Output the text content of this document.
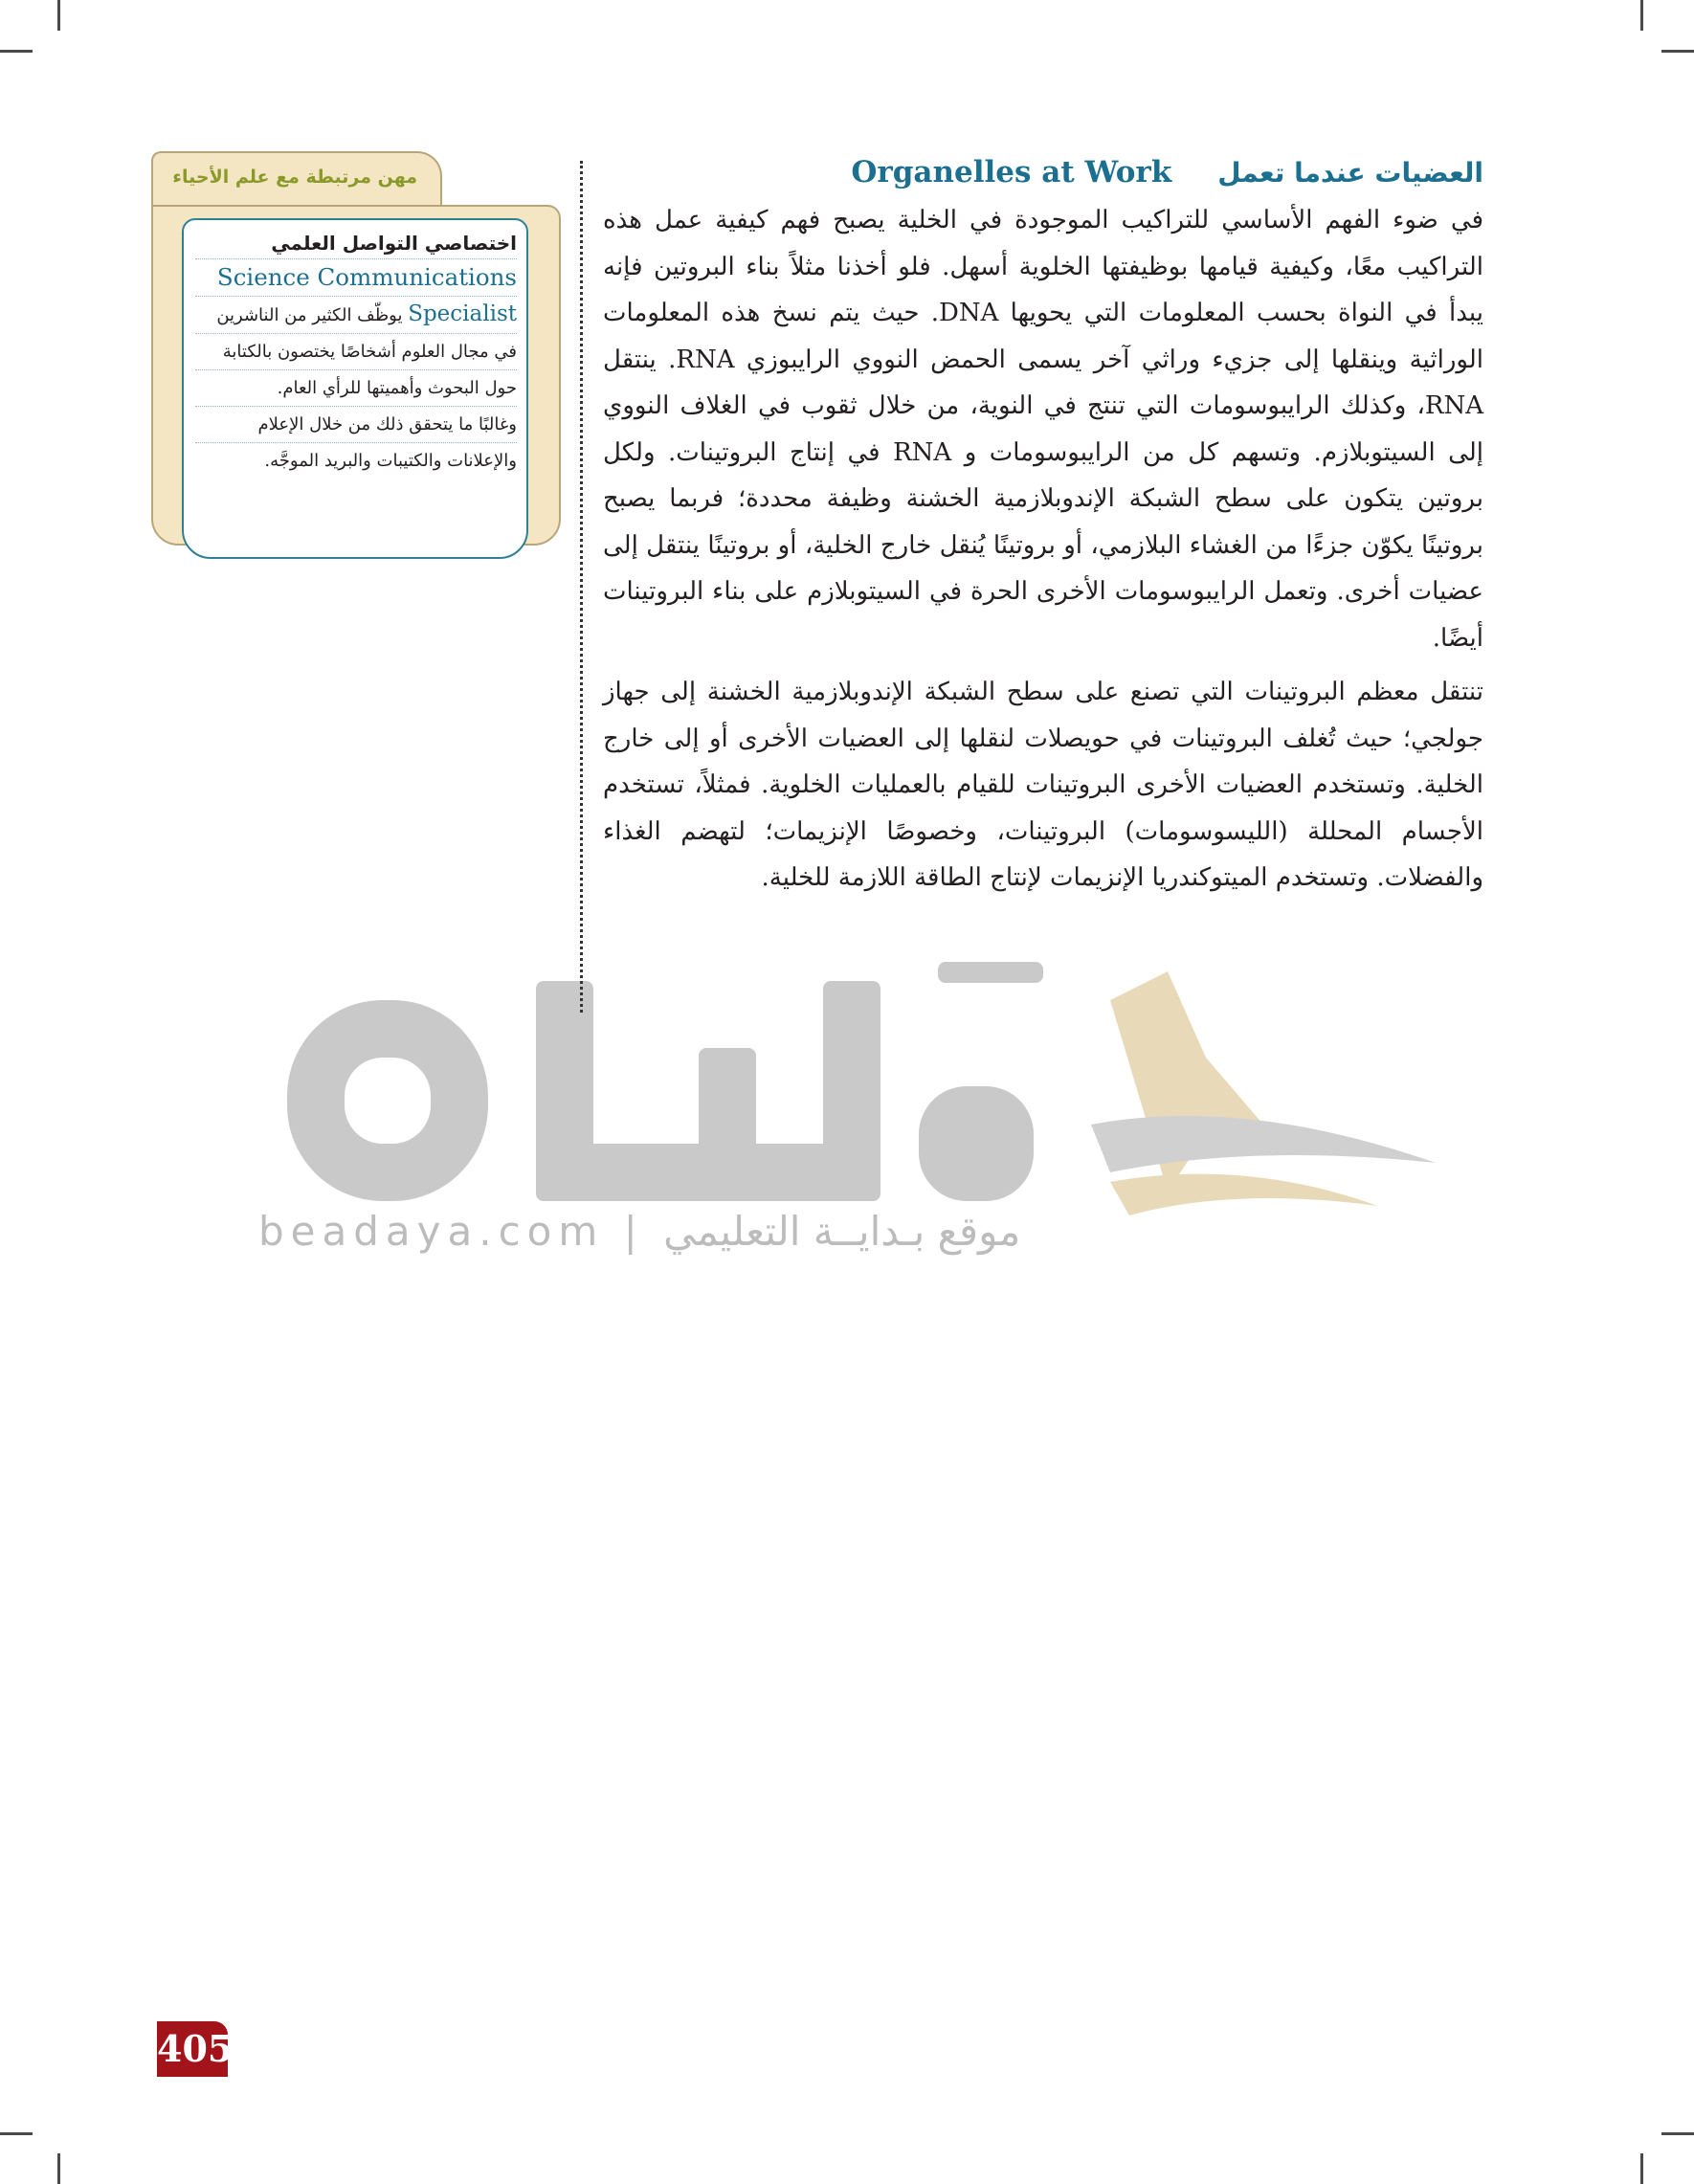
beadaya.com | موقع بـدايــة التعليمي
مهن مرتبطة مع علم الأحياء
اختصاصي التواصل العلمي
Science Communications
Specialist يوظّف الكثير من الناشرين
في مجال العلوم أشخاصًا يختصون بالكتابة
حول البحوث وأهميتها للرأي العام.
وغالبًا ما يتحقق ذلك من خلال الإعلام
والإعلانات والكتيبات والبريد الموجَّه.
العضيات عندما تعمل
Organelles at Work

في ضوء الفهم الأساسي للتراكيب الموجودة في الخلية يصبح فهم كيفية عمل هذه التراكيب معًا، وكيفية قيامها بوظيفتها الخلوية أسهل. فلو أخذنا مثلاً بناء البروتين فإنه يبدأ في النواة بحسب المعلومات التي يحويها DNA. حيث يتم نسخ هذه المعلومات الوراثية وينقلها إلى جزيء وراثي آخر يسمى الحمض النووي الرايبوزي RNA. ينتقل RNA، وكذلك الرايبوسومات التي تنتج في النوية، من خلال ثقوب في الغلاف النووي إلى السيتوبلازم. وتسهم كل من الرايبوسومات و RNA في إنتاج البروتينات. ولكل بروتين يتكون على سطح الشبكة الإندوبلازمية الخشنة وظيفة محددة؛ فربما يصبح بروتينًا يكوّن جزءًا من الغشاء البلازمي، أو بروتينًا يُنقل خارج الخلية، أو بروتينًا ينتقل إلى عضيات أخرى. وتعمل الرايبوسومات الأخرى الحرة في السيتوبلازم على بناء البروتينات أيضًا.

تنتقل معظم البروتينات التي تصنع على سطح الشبكة الإندوبلازمية الخشنة إلى جهاز جولجي؛ حيث تُغلف البروتينات في حويصلات لنقلها إلى العضيات الأخرى أو إلى خارج الخلية. وتستخدم العضيات الأخرى البروتينات للقيام بالعمليات الخلوية. فمثلاً، تستخدم الأجسام المحللة (الليسوسومات) البروتينات، وخصوصًا الإنزيمات؛ لتهضم الغذاء والفضلات. وتستخدم الميتوكندريا الإنزيمات لإنتاج الطاقة اللازمة للخلية.

405
